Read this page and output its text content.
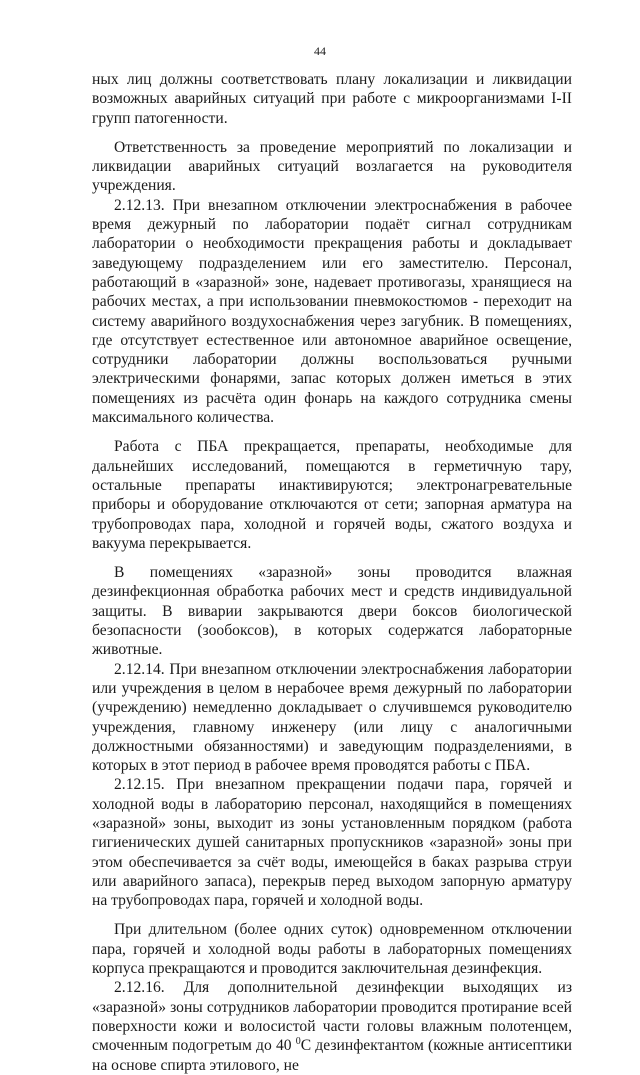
44

ных лиц должны соответствовать плану локализации и ликвидации возможных аварийных ситуаций при работе с микроорганизмами I-II групп патогенности.

Ответственность за проведение мероприятий по локализации и ликвидации аварийных ситуаций возлагается на руководителя учреждения.

2.12.13. При внезапном отключении электроснабжения в рабочее время дежурный по лаборатории подаёт сигнал сотрудникам лаборатории о необходимости прекращения работы и докладывает заведующему подразделением или его заместителю. Персонал, работающий в «заразной» зоне, надевает противогазы, хранящиеся на рабочих местах, а при использовании пневмокостюмов - переходит на систему аварийного воздухоснабжения через загубник. В помещениях, где отсутствует естественное или автономное аварийное освещение, сотрудники лаборатории должны воспользоваться ручными электрическими фонарями, запас которых должен иметься в этих помещениях из расчёта один фонарь на каждого сотрудника смены максимального количества.

Работа с ПБА прекращается, препараты, необходимые для дальнейших исследований, помещаются в герметичную тару, остальные препараты инактивируются; электронагревательные приборы и оборудование отключаются от сети; запорная арматура на трубопроводах пара, холодной и горячей воды, сжатого воздуха и вакуума перекрывается.

В помещениях «заразной» зоны проводится влажная дезинфекционная обработка рабочих мест и средств индивидуальной защиты. В виварии закрываются двери боксов биологической безопасности (зообоксов), в которых содержатся лабораторные животные.

2.12.14. При внезапном отключении электроснабжения лаборатории или учреждения в целом в нерабочее время дежурный по лаборатории (учреждению) немедленно докладывает о случившемся руководителю учреждения, главному инженеру (или лицу с аналогичными должностными обязанностями) и заведующим подразделениями, в которых в этот период в рабочее время проводятся работы с ПБА.

2.12.15. При внезапном прекращении подачи пара, горячей и холодной воды в лабораторию персонал, находящийся в помещениях «заразной» зоны, выходит из зоны установленным порядком (работа гигиенических душей санитарных пропускников «заразной» зоны при этом обеспечивается за счёт воды, имеющейся в баках разрыва струи или аварийного запаса), перекрыв перед выходом запорную арматуру на трубопроводах пара, горячей и холодной воды.

При длительном (более одних суток) одновременном отключении пара, горячей и холодной воды работы в лабораторных помещениях корпуса прекращаются и проводится заключительная дезинфекция.

2.12.16. Для дополнительной дезинфекции выходящих из «заразной» зоны сотрудников лаборатории проводится протирание всей поверхности кожи и волосистой части головы влажным полотенцем, смоченным подогретым до 40 $^0$С дезинфектантом (кожные антисептики на основе спирта этилового, не
